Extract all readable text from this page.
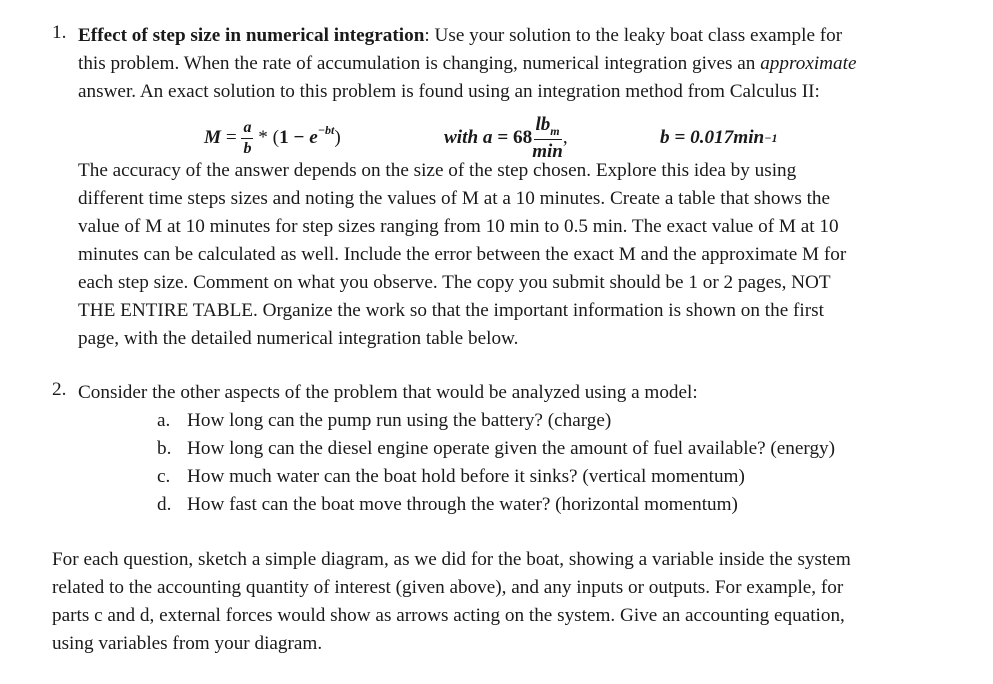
1. Effect of step size in numerical integration: Use your solution to the leaky boat class example for
this problem. When the rate of accumulation is changing, numerical integration gives an approximate
answer. An exact solution to this problem is found using an integration method from Calculus II:
$M = \frac{a}{b}$ * ( $1 - e^{-bt}$ )	with $a = 68 \frac{lb_m}{\min}$ ,	b = 0.017min −1
The accuracy of the answer depends on the size of the step chosen. Explore this idea by using
different time steps sizes and noting the values of M at a 10 minutes. Create a table that shows the
value of M at 10 minutes for step sizes ranging from 10 min to 0.5 min. The exact value of M at 10
minutes can be calculated as well. Include the error between the exact M and the approximate M for
each step size. Comment on what you observe. The copy you submit should be 1 or 2 pages, NOT
THE ENTIRE TABLE. Organize the work so that the important information is shown on the first
page, with the detailed numerical integration table below.
2. Consider the other aspects of the problem that would be analyzed using a model:
a. How long can the pump run using the battery? (charge)
b. How long can the diesel engine operate given the amount of fuel available? (energy)
c. How much water can the boat hold before it sinks? (vertical momentum)
d. How fast can the boat move through the water? (horizontal momentum)
For each question, sketch a simple diagram, as we did for the boat, showing a variable inside the system
related to the accounting quantity of interest (given above), and any inputs or outputs. For example, for
parts c and d, external forces would show as arrows acting on the system. Give an accounting equation,
using variables from your diagram.
